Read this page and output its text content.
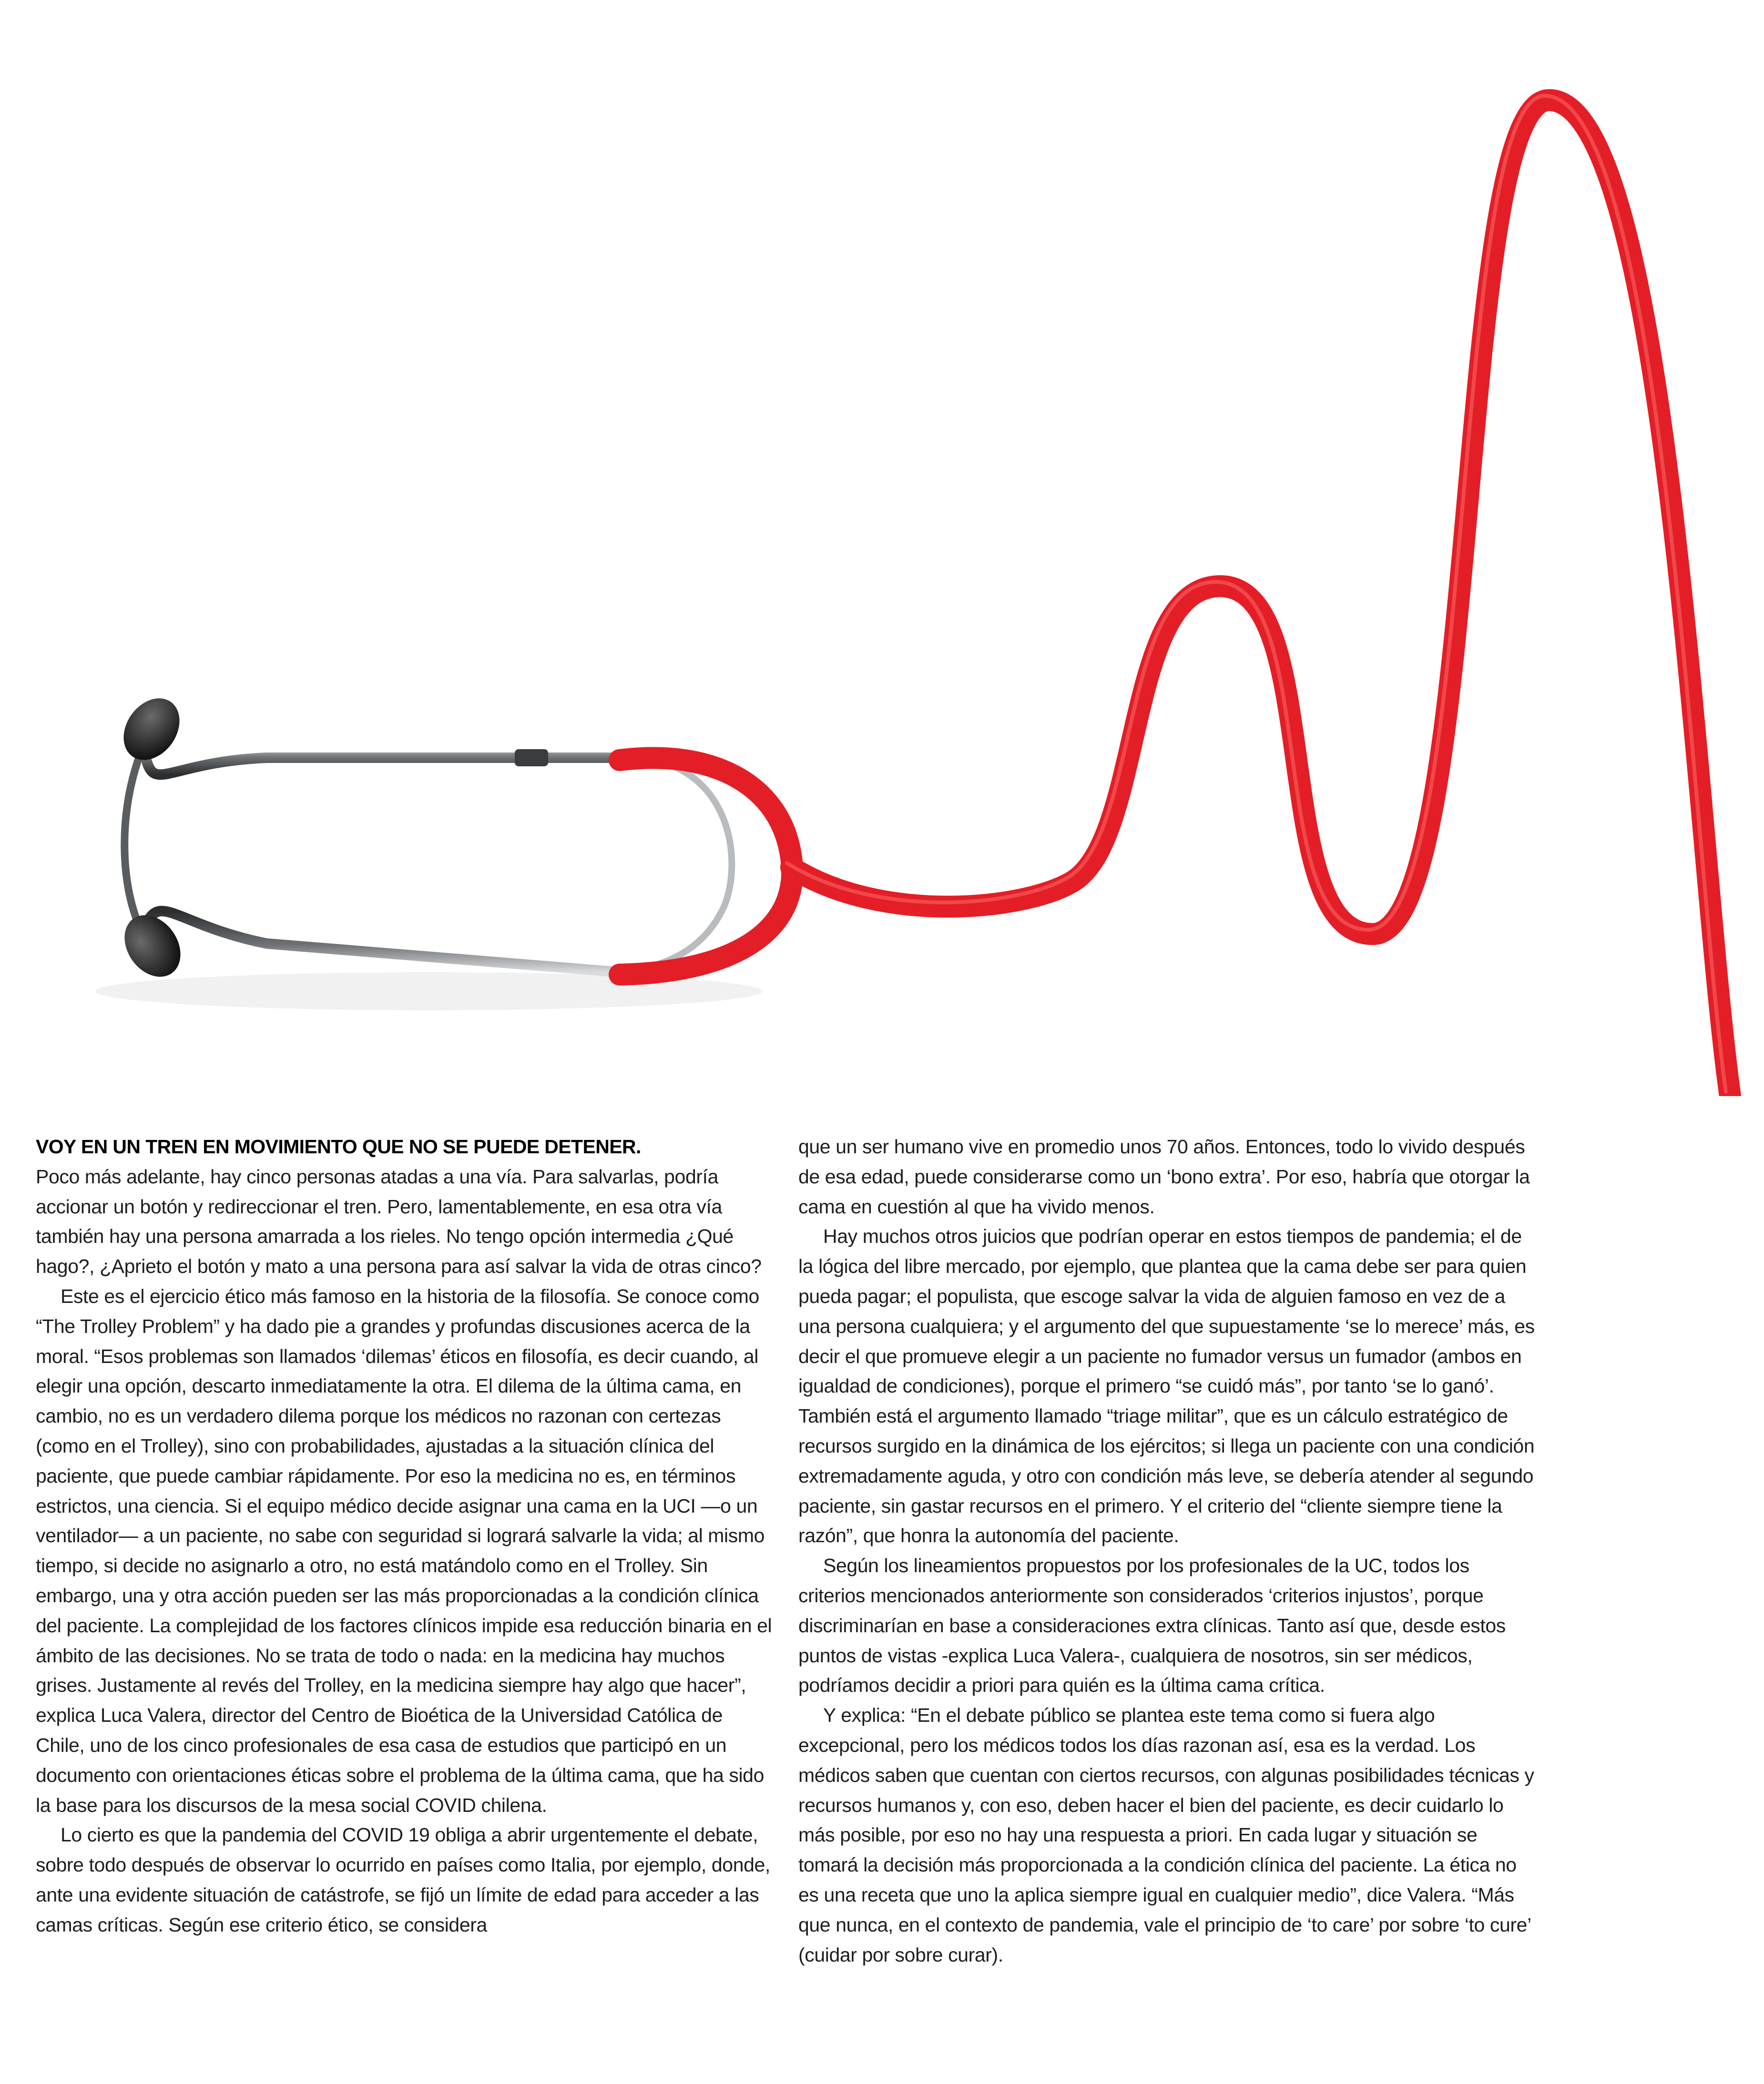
VOY EN UN TREN EN MOVIMIENTO QUE NO SE PUEDE DETENER.

Poco más adelante, hay cinco personas atadas a una vía. Para salvarlas, podría accionar un botón y redireccionar el tren. Pero, lamentablemente, en esa otra vía también hay una persona amarrada a los rieles. No tengo opción intermedia ¿Qué hago?, ¿Aprieto el botón y mato a una persona para así salvar la vida de otras cinco?

Este es el ejercicio ético más famoso en la historia de la filosofía. Se conoce como “The Trolley Problem” y ha dado pie a grandes y profundas discusiones acerca de la moral. “Esos problemas son llamados ‘dilemas’ éticos en filosofía, es decir cuando, al elegir una opción, descarto inmediatamente la otra. El dilema de la última cama, en cambio, no es un verdadero dilema porque los médicos no razonan con certezas (como en el Trolley), sino con probabilidades, ajustadas a la situación clínica del paciente, que puede cambiar rápidamente. Por eso la medicina no es, en términos estrictos, una ciencia. Si el equipo médico decide asignar una cama en la UCI —o un ventilador— a un paciente, no sabe con seguridad si logrará salvarle la vida; al mismo tiempo, si decide no asignarlo a otro, no está matándolo como en el Trolley. Sin embargo, una y otra acción pueden ser las más proporcionadas a la condición clínica del paciente. La complejidad de los factores clínicos impide esa reducción binaria en el ámbito de las decisiones. No se trata de todo o nada: en la medicina hay muchos grises. Justamente al revés del Trolley, en la medicina siempre hay algo que hacer”, explica Luca Valera, director del Centro de Bioética de la Universidad Católica de Chile, uno de los cinco profesionales de esa casa de estudios que participó en un documento con orientaciones éticas sobre el problema de la última cama, que ha sido la base para los discursos de la mesa social COVID chilena.

Lo cierto es que la pandemia del COVID 19 obliga a abrir urgentemente el debate, sobre todo después de observar lo ocurrido en países como Italia, por ejemplo, donde, ante una evidente situación de catástrofe, se fijó un límite de edad para acceder a las camas críticas. Según ese criterio ético, se considera

que un ser humano vive en promedio unos 70 años. Entonces, todo lo vivido después de esa edad, puede considerarse como un ‘bono extra’. Por eso, habría que otorgar la cama en cuestión al que ha vivido menos.

Hay muchos otros juicios que podrían operar en estos tiempos de pandemia; el de la lógica del libre mercado, por ejemplo, que plantea que la cama debe ser para quien pueda pagar; el populista, que escoge salvar la vida de alguien famoso en vez de a una persona cualquiera; y el argumento del que supuestamente ‘se lo merece’ más, es decir el que promueve elegir a un paciente no fumador versus un fumador (ambos en igualdad de condiciones), porque el primero “se cuidó más”, por tanto ‘se lo ganó’. También está el argumento llamado “triage militar”, que es un cálculo estratégico de recursos surgido en la dinámica de los ejércitos; si llega un paciente con una condición extremadamente aguda, y otro con condición más leve, se debería atender al segundo paciente, sin gastar recursos en el primero. Y el criterio del “cliente siempre tiene la razón”, que honra la autonomía del paciente.

Según los lineamientos propuestos por los profesionales de la UC, todos los criterios mencionados anteriormente son considerados ‘criterios injustos’, porque discriminarían en base a consideraciones extra clínicas. Tanto así que, desde estos puntos de vistas -explica Luca Valera-, cualquiera de nosotros, sin ser médicos, podríamos decidir a priori para quién es la última cama crítica.

Y explica: “En el debate público se plantea este tema como si fuera algo excepcional, pero los médicos todos los días razonan así, esa es la verdad. Los médicos saben que cuentan con ciertos recursos, con algunas posibilidades técnicas y recursos humanos y, con eso, deben hacer el bien del paciente, es decir cuidarlo lo más posible, por eso no hay una respuesta a priori. En cada lugar y situación se tomará la decisión más proporcionada a la condición clínica del paciente. La ética no es una receta que uno la aplica siempre igual en cualquier medio”, dice Valera. “Más que nunca, en el contexto de pandemia, vale el principio de ‘to care’ por sobre ‘to cure’ (cuidar por sobre curar).
